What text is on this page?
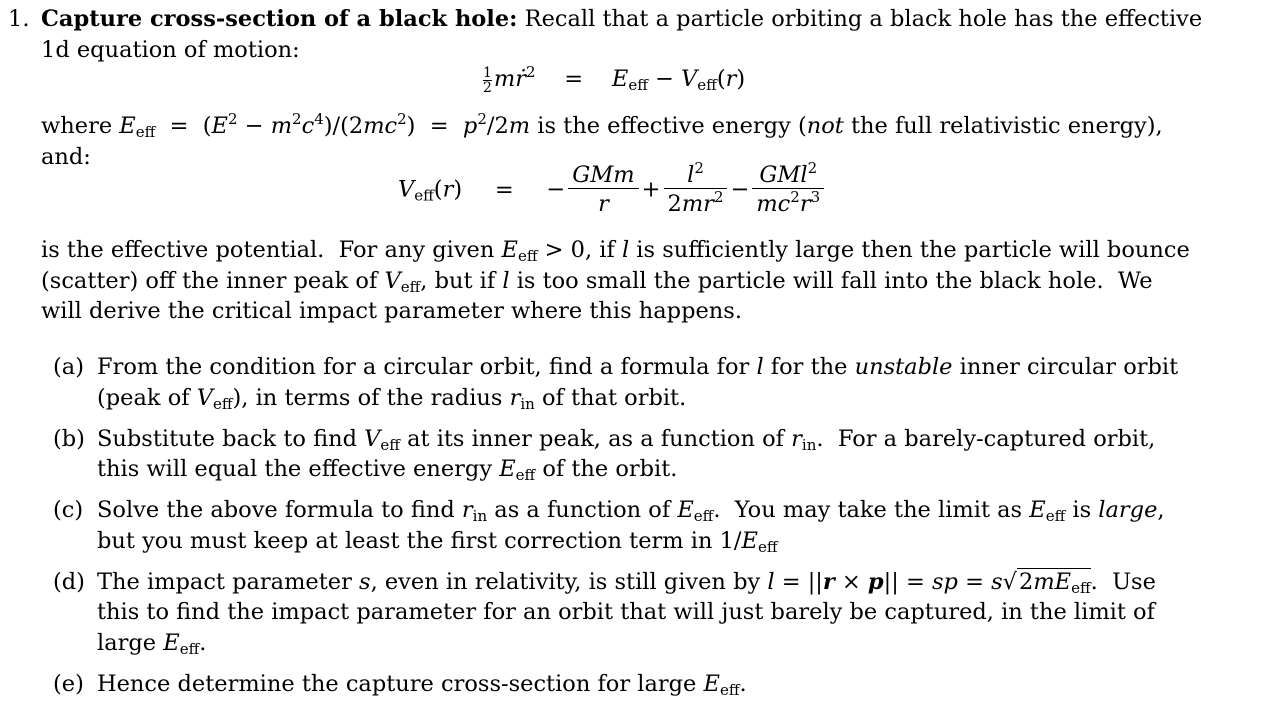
1. Capture cross-section of a black hole: Recall that a particle orbiting a black hole has the effective
1d equation of motion:
$\frac{1}{2}$ mṙ$^2$ = $E_{eff} - V_{eff}(r)$
where $E_{eff} = (E^2 - m^2c^4)/(2mc^2) = p^2/2m$ is the effective energy (not the full relativistic energy),
and:
$V_{eff}(r)$ = − $\frac{\text{GMm}}{r} + \frac{l^2}{2mr^2} - \frac{GMl^2}{mc^2r^3}$
is the effective potential.  For any given $E_{eff} > 0$, if l is sufficiently large then the particle will bounce
(scatter) off the inner peak of $V_{eff}$, but if l is too small the particle will fall into the black hole.  We
will derive the critical impact parameter where this happens.
(a) From the condition for a circular orbit, find a formula for l for the unstable inner circular orbit
(peak of $V_{eff}$), in terms of the radius $r_{in}$ of that orbit.
(b) Substitute back to find $V_{eff}$ at its inner peak, as a function of $r_{in}$.  For a barely-captured orbit,
this will equal the effective energy $E_{eff}$ of the orbit.
(c) Solve the above formula to find $r_{in}$ as a function of $E_{eff}$.  You may take the limit as $E_{eff}$ is large,
but you must keep at least the first correction term in $1/E_{eff}$
(d) The impact parameter s, even in relativity, is still given by l = ||r × p|| = sp = $s√2mE_{eff}$.  Use
this to find the impact parameter for an orbit that will just barely be captured, in the limit of
large $E_{eff}$.
(e) Hence determine the capture cross-section for large $E_{eff}$.
